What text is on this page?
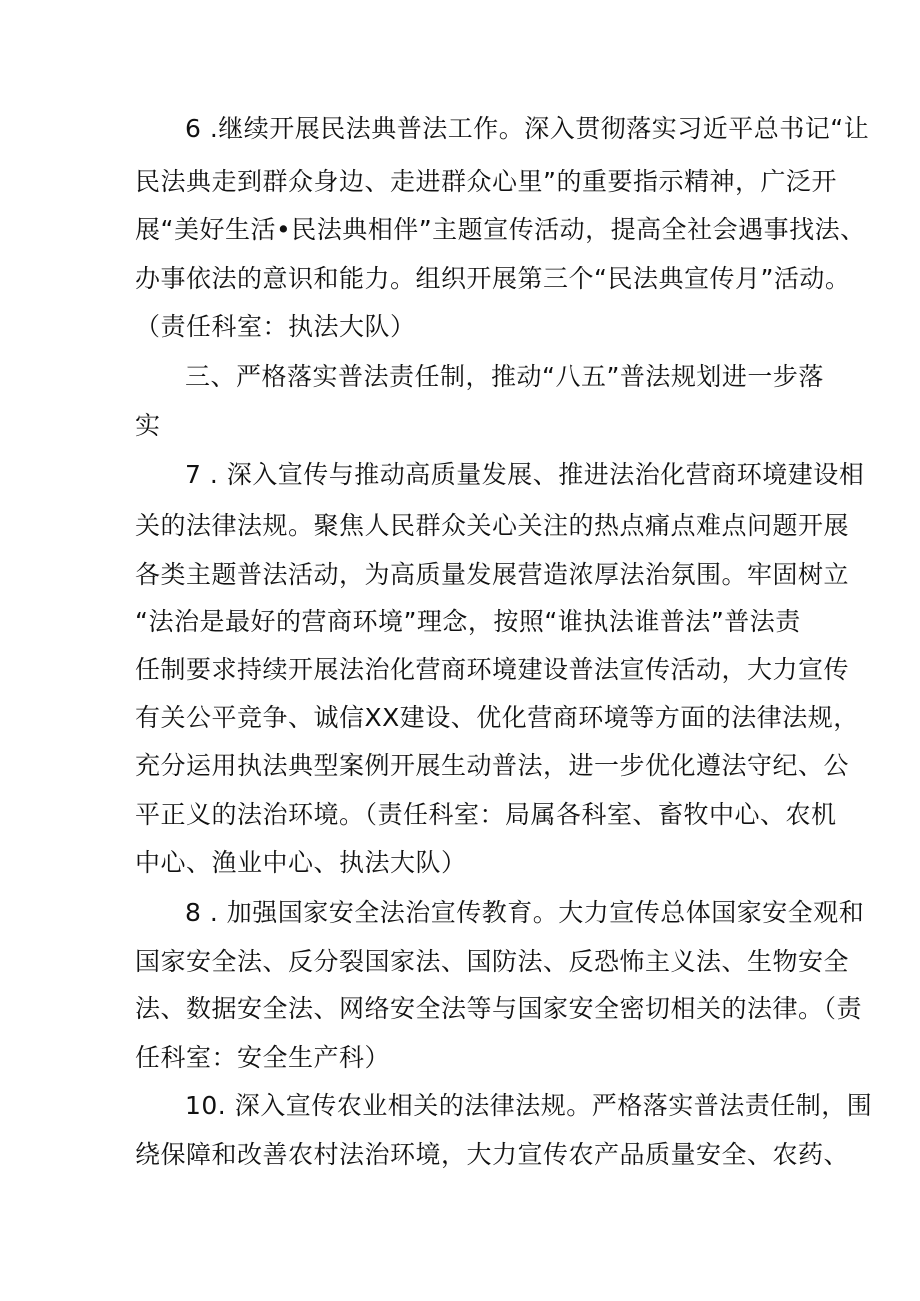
6 .继续开展民法典普法工作。深入贯彻落实习近平总书记“让
民法典走到群众身边、走进群众心里”的重要指示精神，广泛开
展“美好生活•民法典相伴”主题宣传活动，提高全社会遇事找法、
办事依法的意识和能力。组织开展第三个“民法典宣传月”活动。
（责任科室：执法大队）
三、严格落实普法责任制，推动“八五”普法规划进一步落
实
7 . 深入宣传与推动高质量发展、推进法治化营商环境建设相
关的法律法规。聚焦人民群众关心关注的热点痛点难点问题开展
各类主题普法活动，为高质量发展营造浓厚法治氛围。牢固树立
“法治是最好的营商环境”理念，按照“谁执法谁普法”普法责
任制要求持续开展法治化营商环境建设普法宣传活动，大力宣传
有关公平竞争、诚信XX建设、优化营商环境等方面的法律法规，
充分运用执法典型案例开展生动普法，进一步优化遵法守纪、公
平正义的法治环境。（责任科室：局属各科室、畜牧中心、农机
中心、渔业中心、执法大队）
8 . 加强国家安全法治宣传教育。大力宣传总体国家安全观和
国家安全法、反分裂国家法、国防法、反恐怖主义法、生物安全
法、数据安全法、网络安全法等与国家安全密切相关的法律。（责
任科室：安全生产科）
10. 深入宣传农业相关的法律法规。严格落实普法责任制，围
绕保障和改善农村法治环境，大力宣传农产品质量安全、农药、
